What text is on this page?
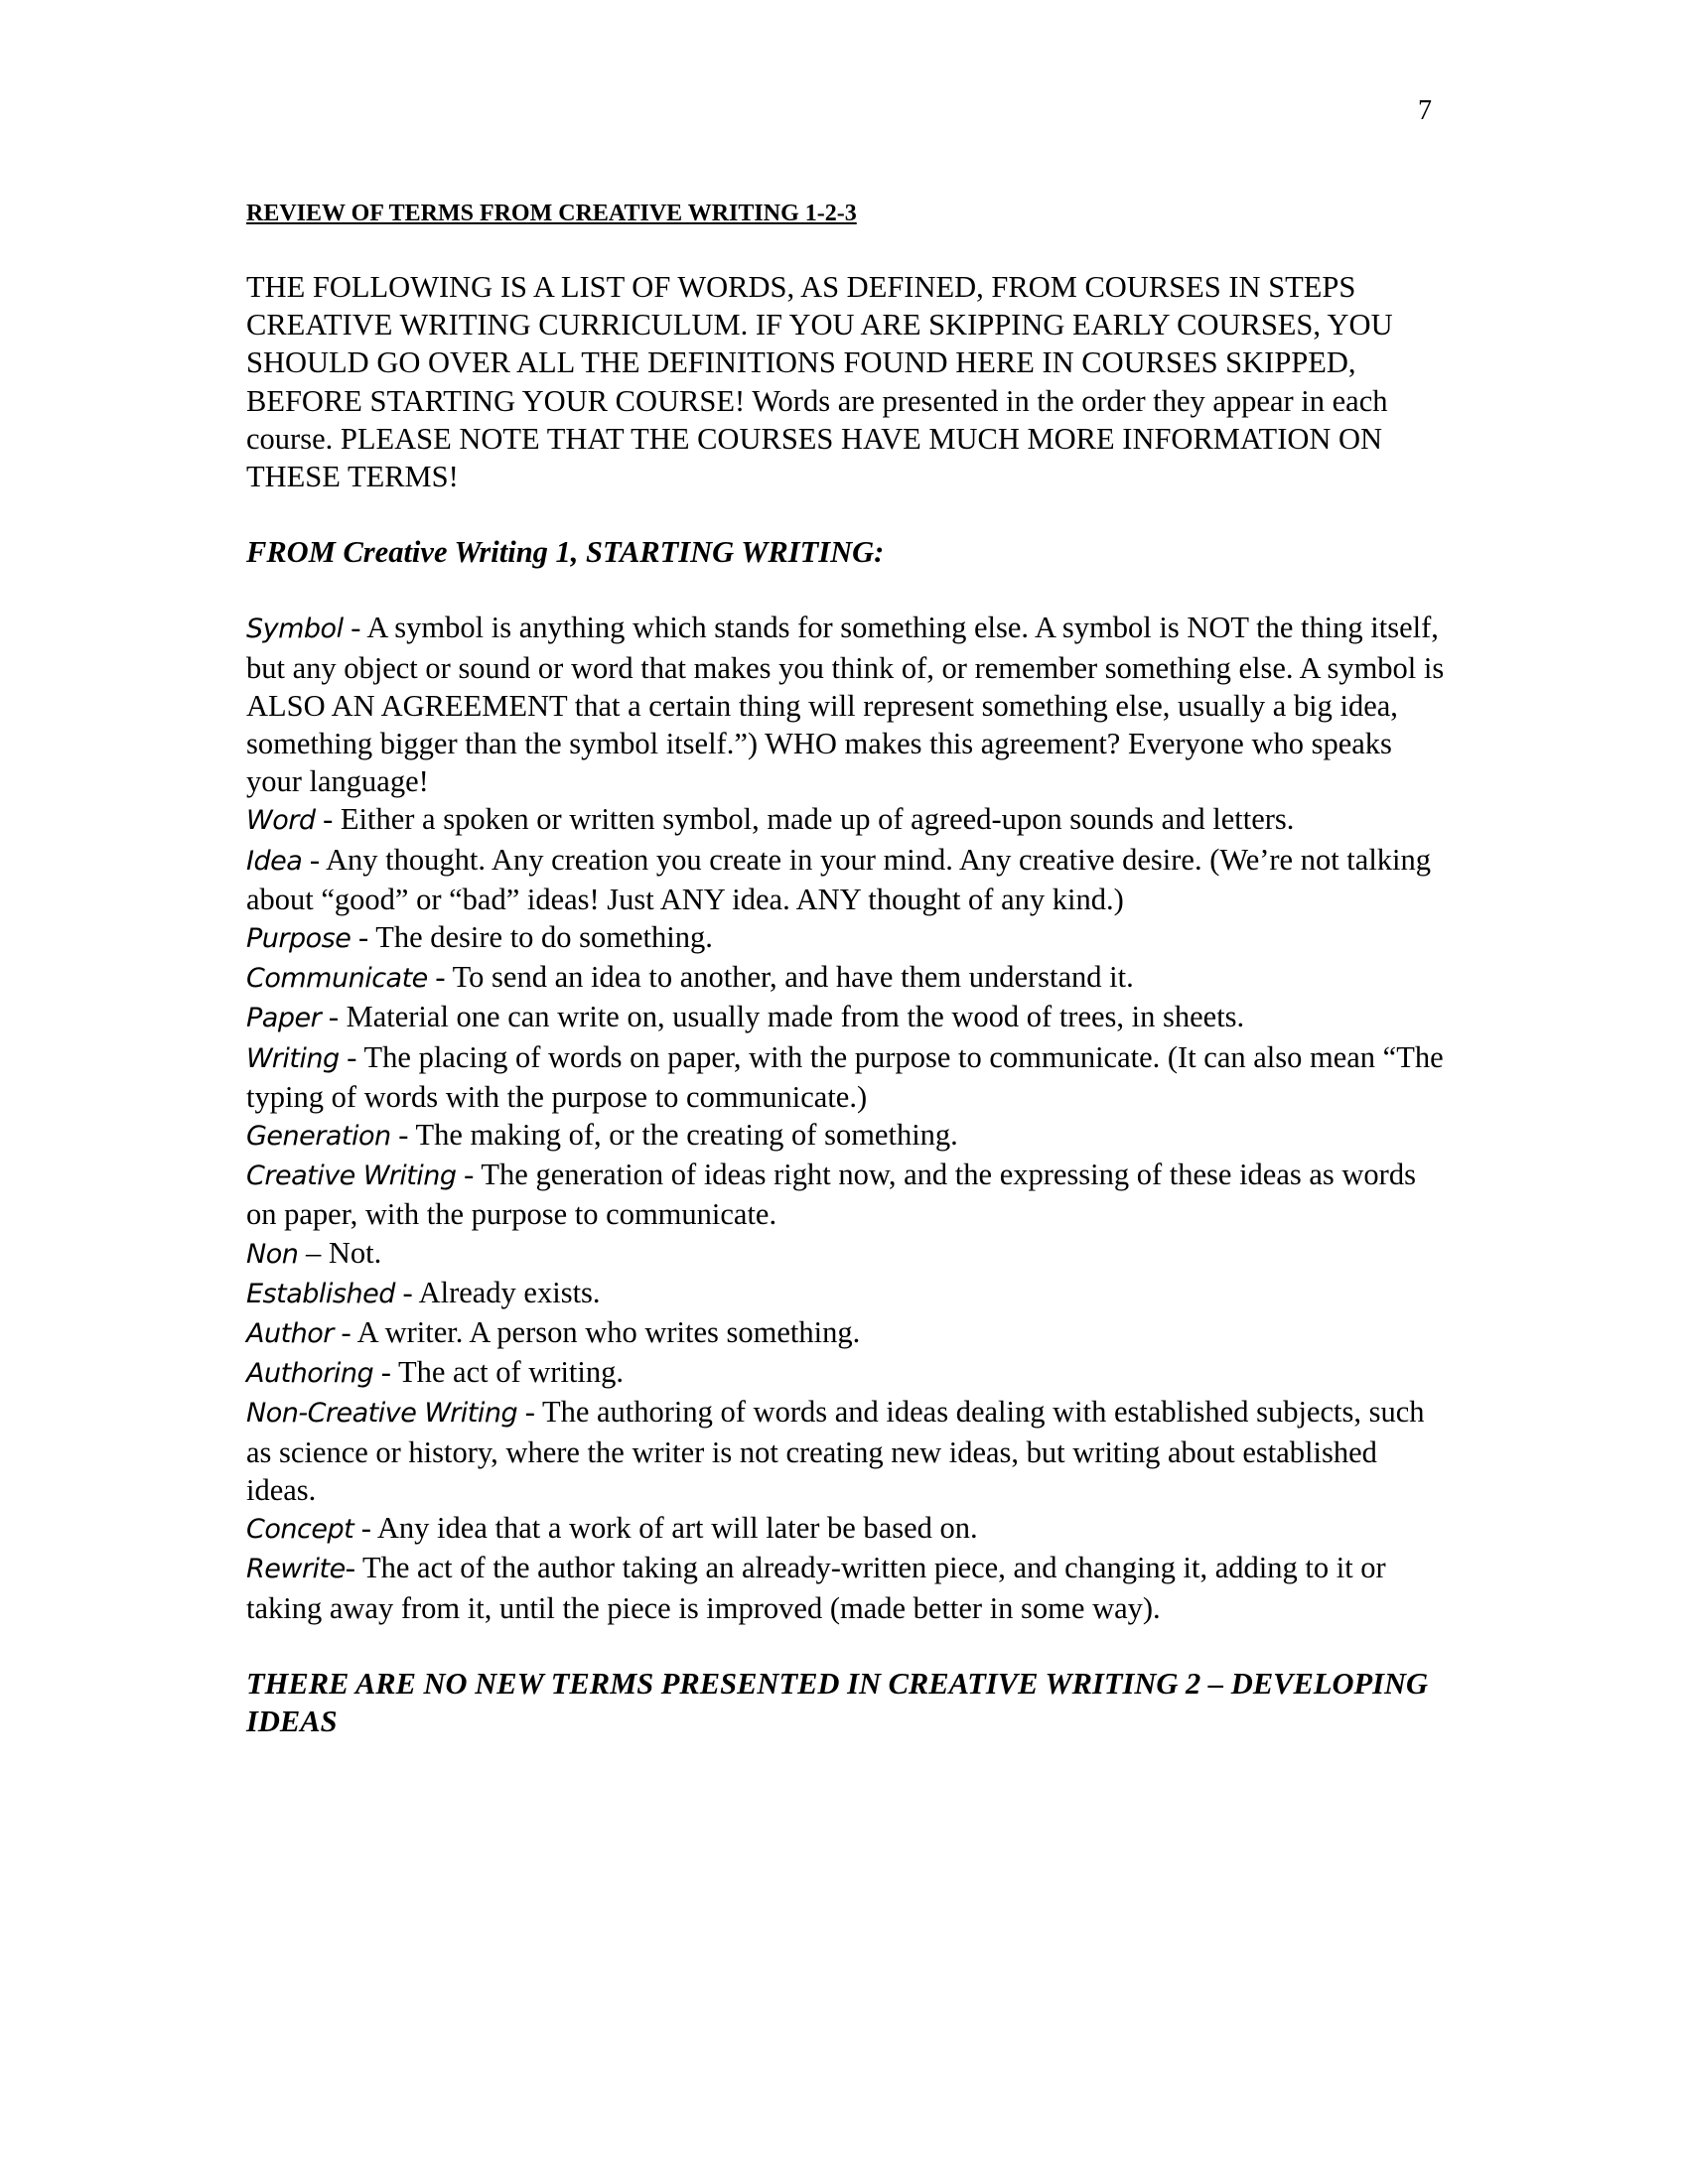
7
REVIEW OF TERMS FROM CREATIVE WRITING 1-2-3

THE FOLLOWING IS A LIST OF WORDS, AS DEFINED, FROM COURSES IN STEPS CREATIVE WRITING CURRICULUM. IF YOU ARE SKIPPING EARLY COURSES, YOU SHOULD GO OVER ALL THE DEFINITIONS FOUND HERE IN COURSES SKIPPED, BEFORE STARTING YOUR COURSE! Words are presented in the order they appear in each course. PLEASE NOTE THAT THE COURSES HAVE MUCH MORE INFORMATION ON THESE TERMS!

FROM Creative Writing 1, STARTING WRITING:

Symbol - A symbol is anything which stands for something else. A symbol is NOT the thing itself, but any object or sound or word that makes you think of, or remember something else. A symbol is ALSO AN AGREEMENT that a certain thing will represent something else, usually a big idea, something bigger than the symbol itself.”) WHO makes this agreement? Everyone who speaks your language!

Word - Either a spoken or written symbol, made up of agreed-upon sounds and letters.

Idea - Any thought. Any creation you create in your mind. Any creative desire. (We’re not talking about “good” or “bad” ideas! Just ANY idea. ANY thought of any kind.)

Purpose - The desire to do something.

Communicate - To send an idea to another, and have them understand it.

Paper - Material one can write on, usually made from the wood of trees, in sheets.

Writing - The placing of words on paper, with the purpose to communicate. (It can also mean “The typing of words with the purpose to communicate.)

Generation - The making of, or the creating of something.

Creative Writing - The generation of ideas right now, and the expressing of these ideas as words on paper, with the purpose to communicate.

Non – Not.

Established - Already exists.

Author - A writer. A person who writes something.

Authoring - The act of writing.

Non-Creative Writing - The authoring of words and ideas dealing with established subjects, such as science or history, where the writer is not creating new ideas, but writing about established ideas.

Concept - Any idea that a work of art will later be based on.

Rewrite- The act of the author taking an already-written piece, and changing it, adding to it or taking away from it, until the piece is improved (made better in some way).

THERE ARE NO NEW TERMS PRESENTED IN CREATIVE WRITING 2 – DEVELOPING IDEAS
